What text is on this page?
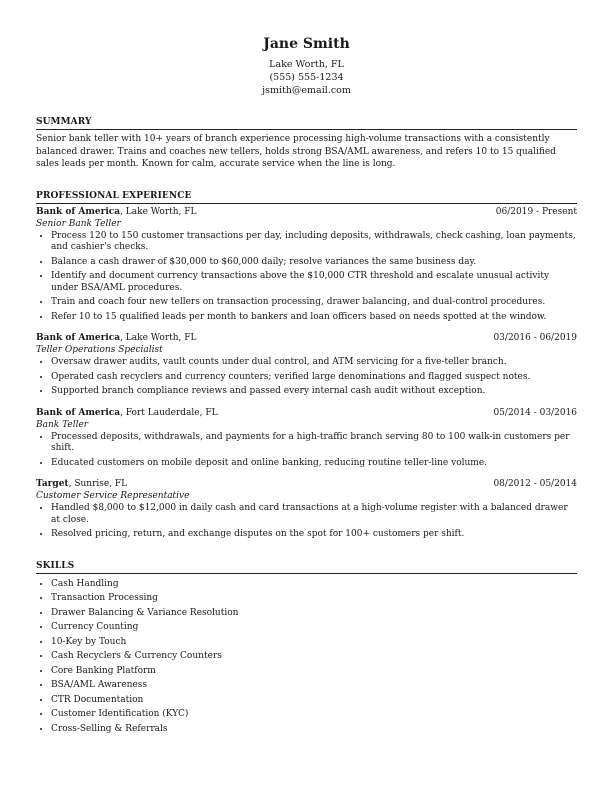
Jane Smith

Lake Worth, FL

(555) 555-1234

jsmith@email.com

SUMMARY
Senior bank teller with 10+ years of branch experience processing high-volume transactions with a consistently balanced drawer. Trains and coaches new tellers, holds strong BSA/AML awareness, and refers 10 to 15 qualified sales leads per month. Known for calm, accurate service when the line is long.
PROFESSIONAL EXPERIENCE
Bank of America, Lake Worth, FL	06/2019 - Present
Senior Bank Teller
• Process 120 to 150 customer transactions per day, including deposits, withdrawals, check cashing, loan payments, and cashier's checks.
• Balance a cash drawer of $30,000 to $60,000 daily; resolve variances the same business day.
• Identify and document currency transactions above the $10,000 CTR threshold and escalate unusual activity under BSA/AML procedures.
• Train and coach four new tellers on transaction processing, drawer balancing, and dual-control procedures.
• Refer 10 to 15 qualified leads per month to bankers and loan officers based on needs spotted at the window.
Bank of America, Lake Worth, FL	03/2016 - 06/2019
Teller Operations Specialist
• Oversaw drawer audits, vault counts under dual control, and ATM servicing for a five-teller branch.
• Operated cash recyclers and currency counters; verified large denominations and flagged suspect notes.
• Supported branch compliance reviews and passed every internal cash audit without exception.
Bank of America, Fort Lauderdale, FL	05/2014 - 03/2016
Bank Teller
• Processed deposits, withdrawals, and payments for a high-traffic branch serving 80 to 100 walk-in customers per shift.
• Educated customers on mobile deposit and online banking, reducing routine teller-line volume.
Target, Sunrise, FL	08/2012 - 05/2014
Customer Service Representative
• Handled $8,000 to $12,000 in daily cash and card transactions at a high-volume register with a balanced drawer at close.
• Resolved pricing, return, and exchange disputes on the spot for 100+ customers per shift.
SKILLS
• Cash Handling
• Transaction Processing
• Drawer Balancing & Variance Resolution
• Currency Counting
• 10-Key by Touch
• Cash Recyclers & Currency Counters
• Core Banking Platform
• BSA/AML Awareness
• CTR Documentation
• Customer Identification (KYC)
• Cross-Selling & Referrals
